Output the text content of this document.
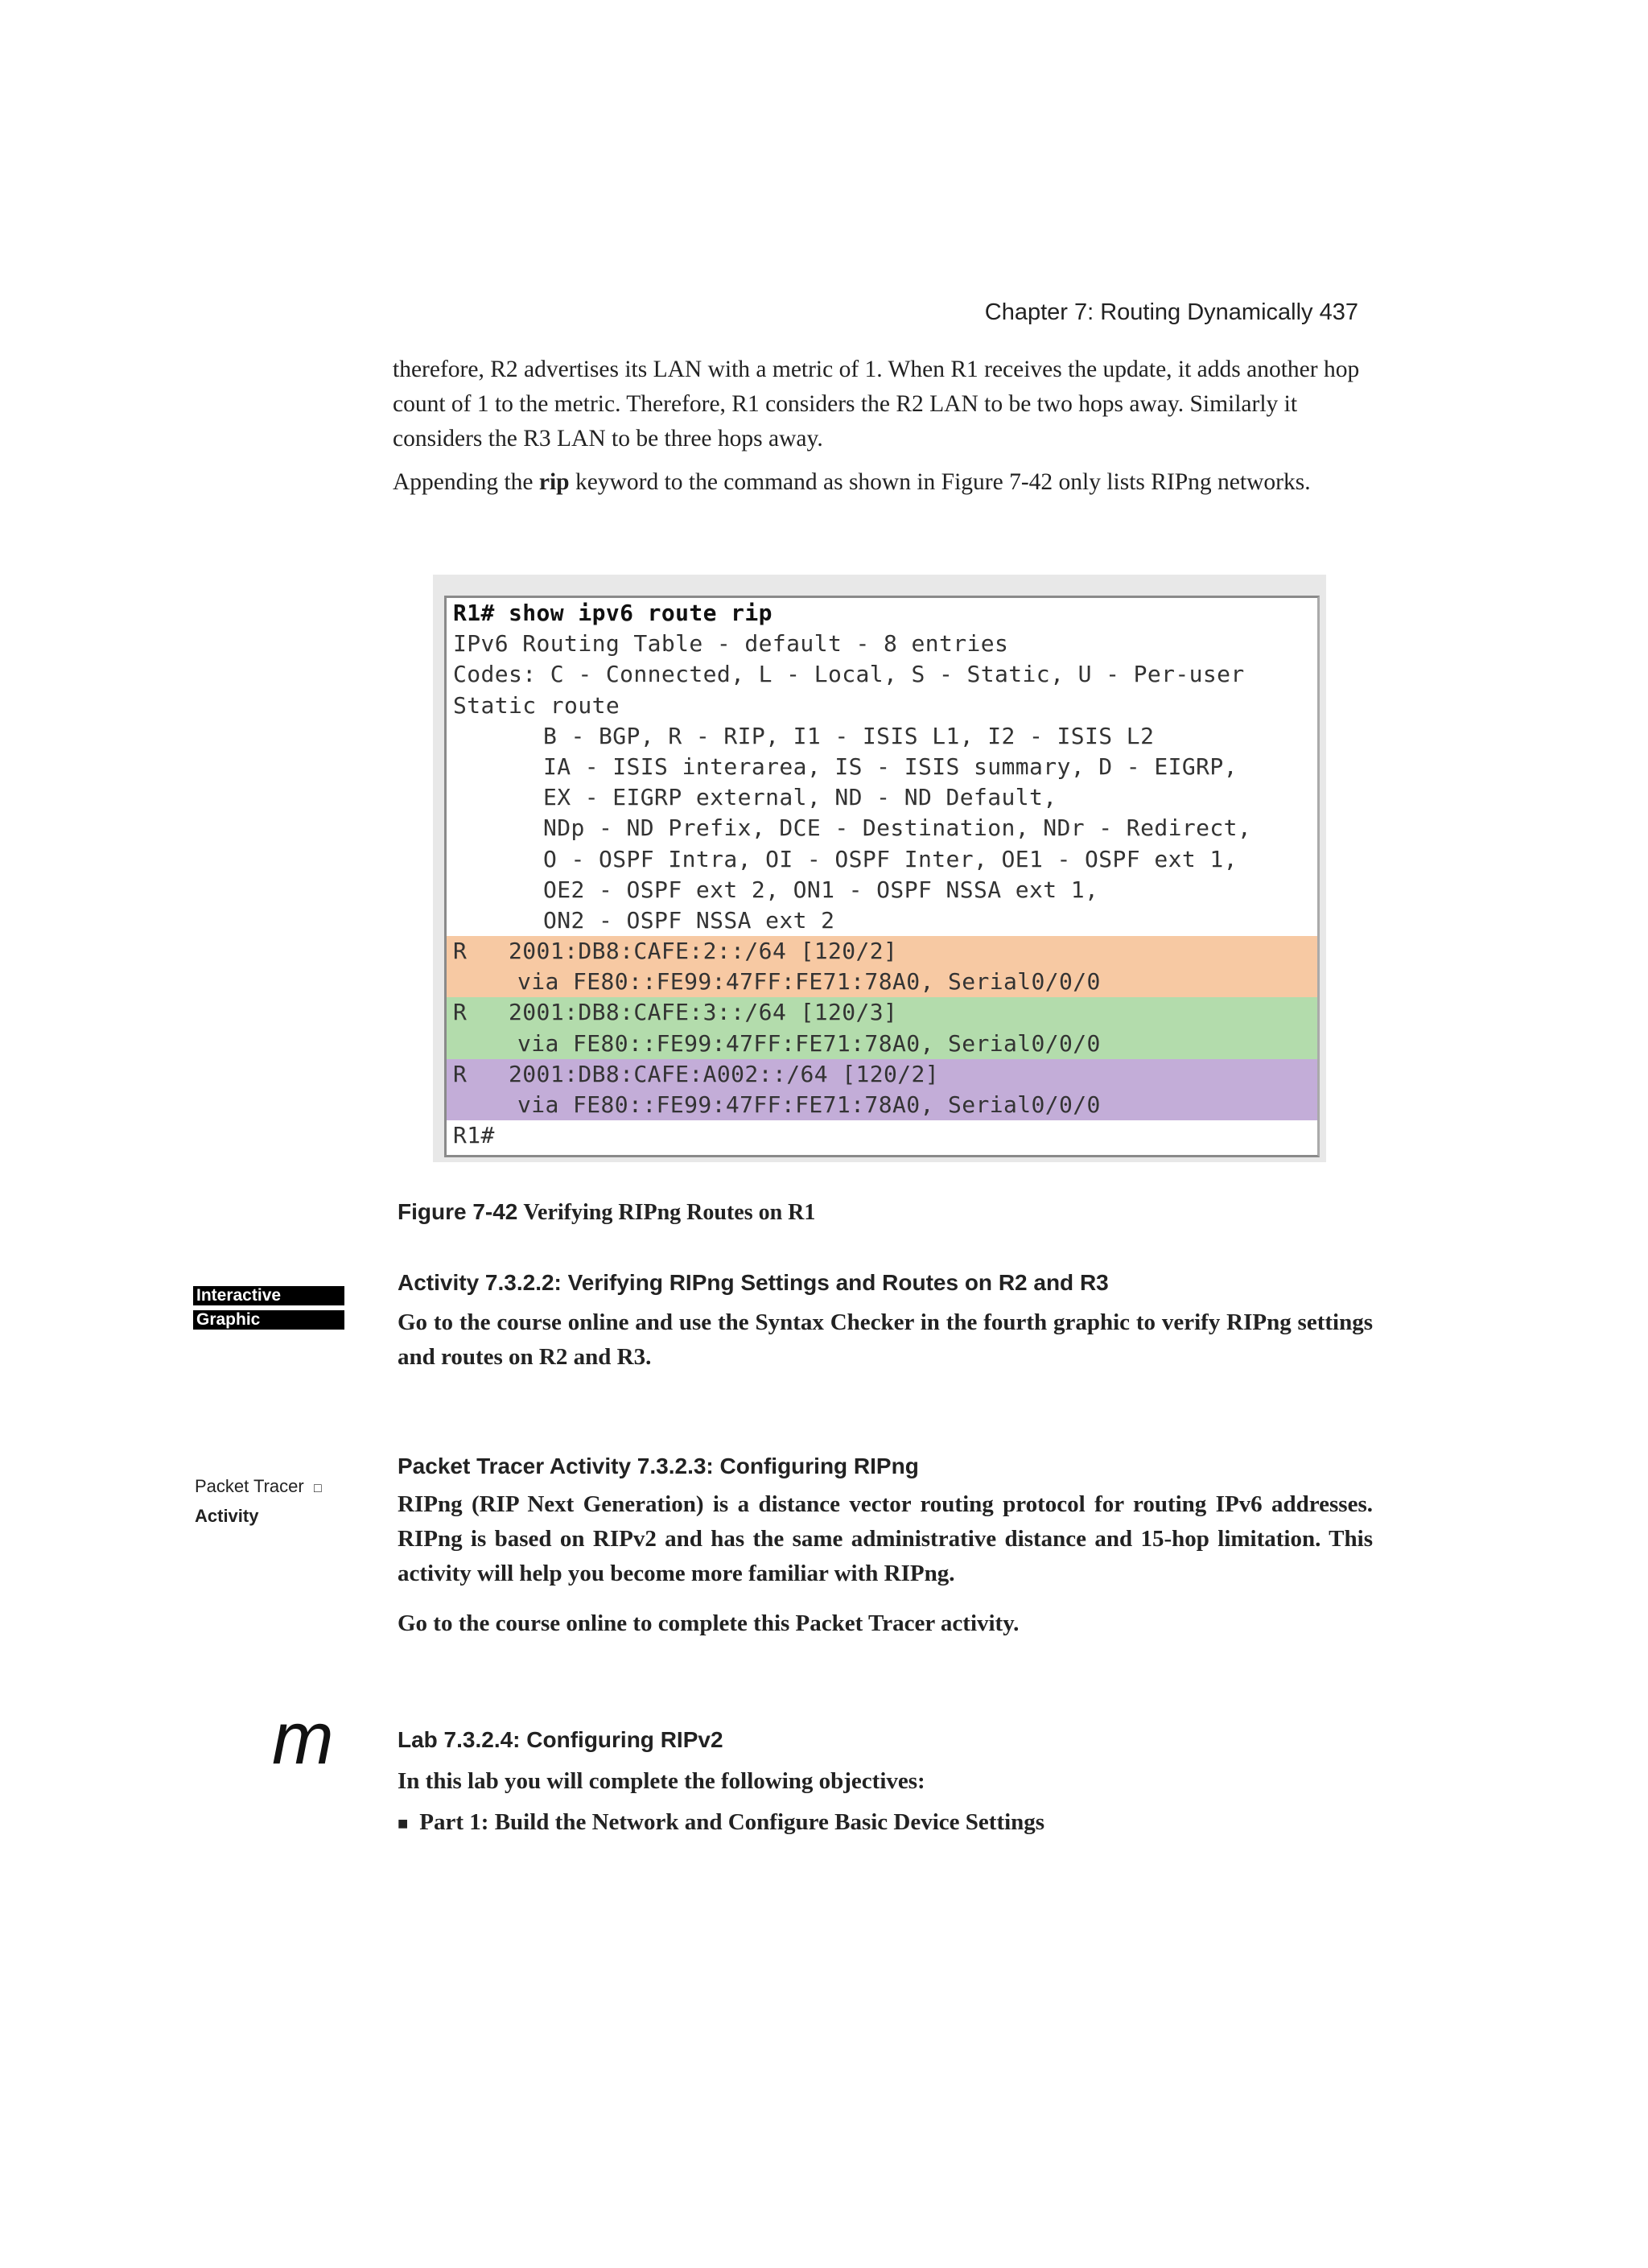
Chapter 7: Routing Dynamically 437

therefore, R2 advertises its LAN with a metric of 1. When R1 receives the update, it adds another hop count of 1 to the metric. Therefore, R1 considers the R2 LAN to be two hops away. Similarly it considers the R3 LAN to be three hops away.

Appending the rip keyword to the command as shown in Figure 7-42 only lists RIPng networks.

R1# show ipv6 route rip
IPv6 Routing Table - default - 8 entries
Codes: C - Connected, L - Local, S - Static, U - Per-user
Static route
B - BGP, R - RIP, I1 - ISIS L1, I2 - ISIS L2
IA - ISIS interarea, IS - ISIS summary, D - EIGRP,
EX - EIGRP external, ND - ND Default,
NDp - ND Prefix, DCE - Destination, NDr - Redirect,
O - OSPF Intra, OI - OSPF Inter, OE1 - OSPF ext 1,
OE2 - OSPF ext 2, ON1 - OSPF NSSA ext 1,
ON2 - OSPF NSSA ext 2
R 2001:DB8:CAFE:2::/64 [120/2]
via FE80::FE99:47FF:FE71:78A0, Serial0/0/0
R 2001:DB8:CAFE:3::/64 [120/3]
via FE80::FE99:47FF:FE71:78A0, Serial0/0/0
R 2001:DB8:CAFE:A002::/64 [120/2]
via FE80::FE99:47FF:FE71:78A0, Serial0/0/0
R1#
Figure 7-42 Verifying RIPng Routes on R1
Interactive
Graphic
Activity 7.3.2.2: Verifying RIPng Settings and Routes on R2 and R3
Go to the course online and use the Syntax Checker in the fourth graphic to verify RIPng settings and routes on R2 and R3.
Packet Tracer □
Activity
Packet Tracer Activity 7.3.2.3: Configuring RIPng
RIPng (RIP Next Generation) is a distance vector routing protocol for routing IPv6 addresses. RIPng is based on RIPv2 and has the same administrative distance and 15-hop limitation. This activity will help you become more familiar with RIPng.
Go to the course online to complete this Packet Tracer activity.
m	Lab 7.3.2.4: Configuring RIPv2
In this lab you will complete the following objectives:
■ Part 1: Build the Network and Configure Basic Device Settings
